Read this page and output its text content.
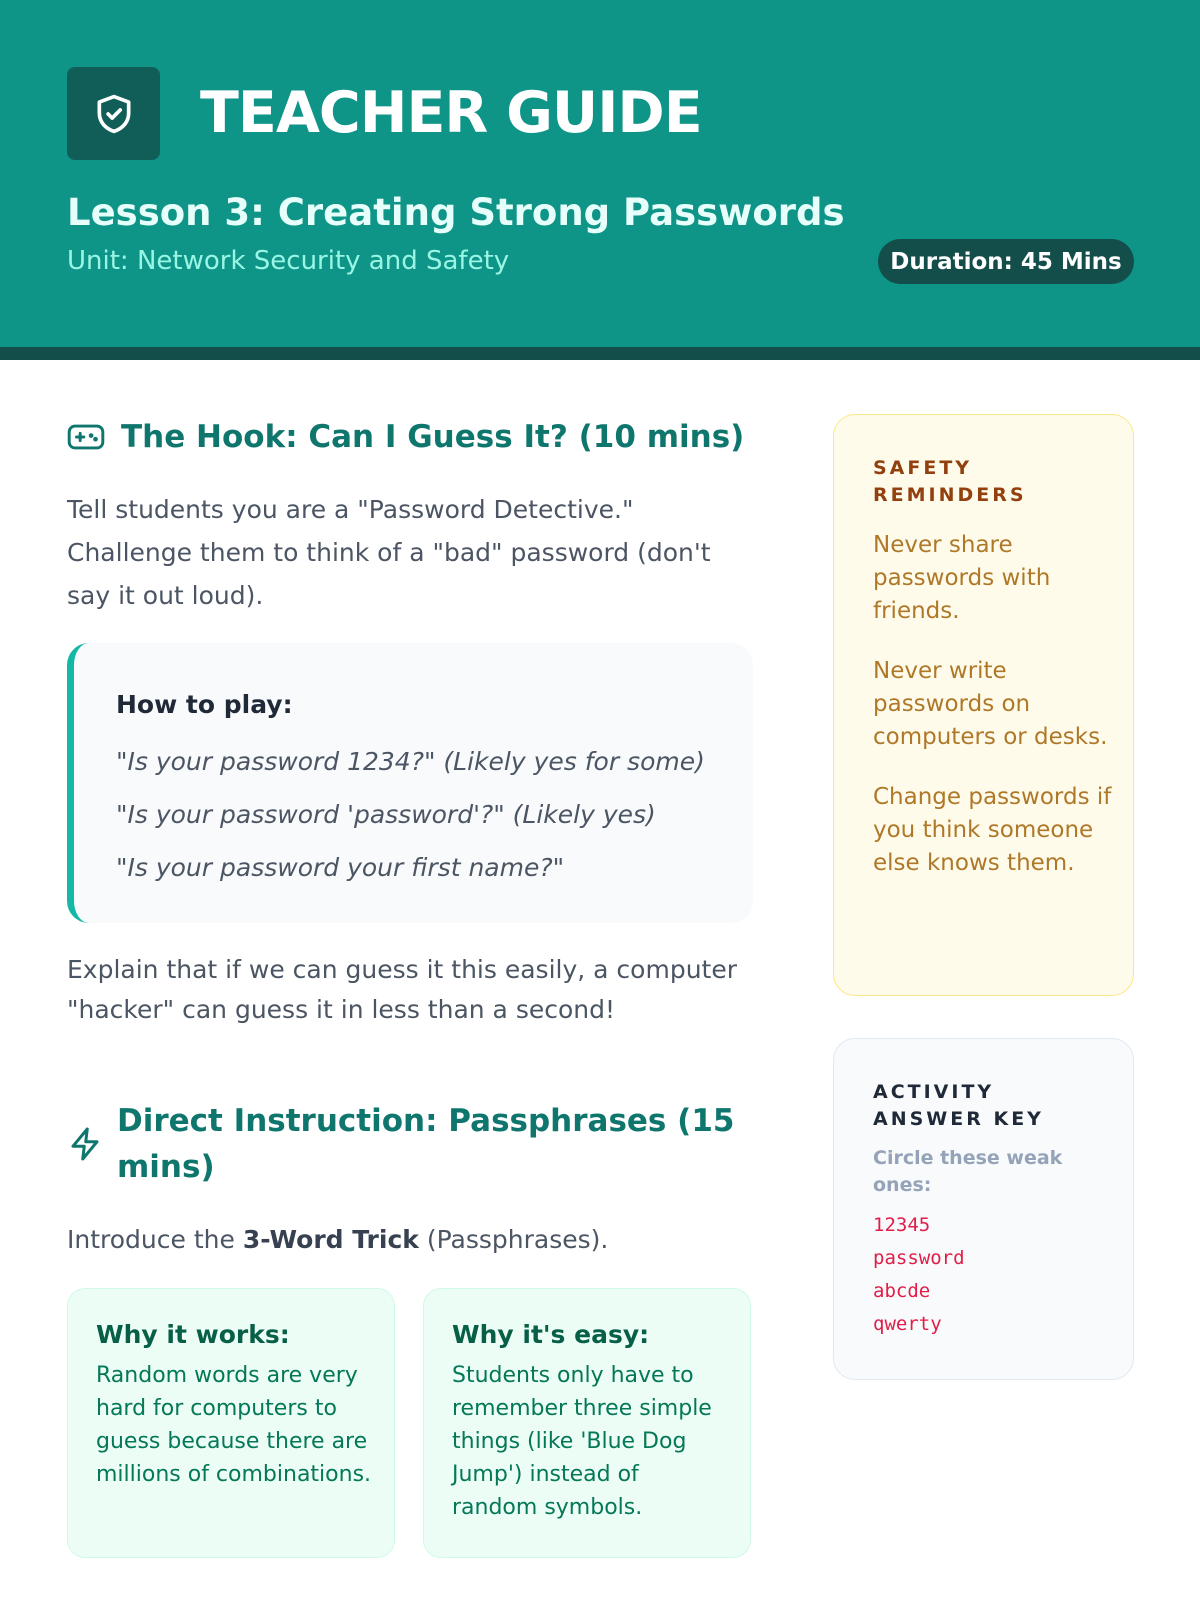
TEACHER GUIDE
Lesson 3: Creating Strong Passwords
Unit: Network Security and Safety	Duration: 45 Mins
The Hook: Can I Guess It? (10 mins)
Tell students you are a "Password Detective." Challenge them to think of a "bad" password (don't say it out loud).
How to play:
"Is your password 1234?" (Likely yes for some)
"Is your password 'password'?" (Likely yes)
"Is your password your first name?"
Explain that if we can guess it this easily, a computer "hacker" can guess it in less than a second!
Direct Instruction: Passphrases (15 mins)
Introduce the 3-Word Trick (Passphrases).
Why it works:
Random words are very hard for computers to guess because there are millions of combinations.
Why it's easy:
Students only have to remember three simple things (like 'Blue Dog Jump') instead of random symbols.
SAFETY REMINDERS
Never share passwords with friends.
Never write passwords on computers or desks.
Change passwords if you think someone else knows them.
ACTIVITY ANSWER KEY
Circle these weak ones:
12345
password
abcde
qwerty
